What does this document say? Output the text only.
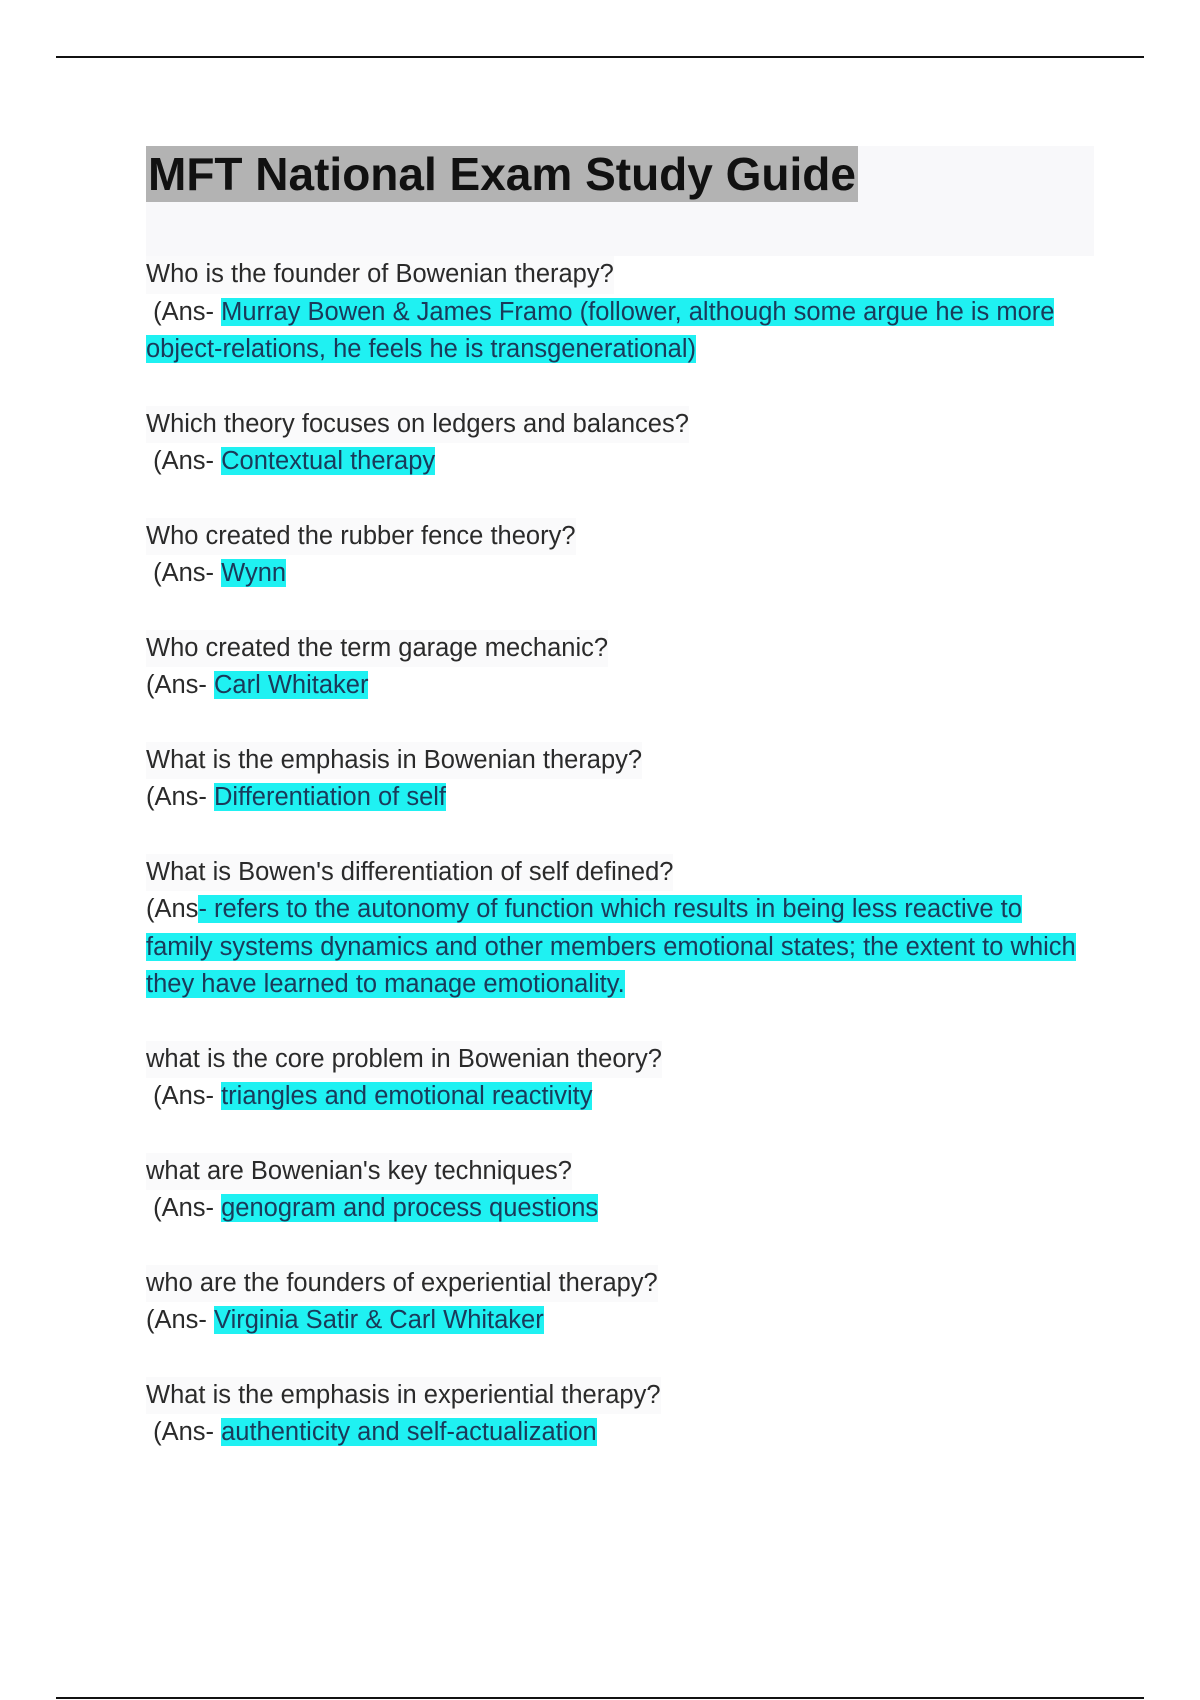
MFT National Exam Study Guide

Who is the founder of Bowenian therapy?

(Ans- Murray Bowen & James Framo (follower, although some argue he is more object-relations, he feels he is transgenerational)

Which theory focuses on ledgers and balances?

(Ans- Contextual therapy

Who created the rubber fence theory?

(Ans- Wynn

Who created the term garage mechanic?

(Ans- Carl Whitaker

What is the emphasis in Bowenian therapy?

(Ans- Differentiation of self

What is Bowen's differentiation of self defined?

(Ans- refers to the autonomy of function which results in being less reactive to family systems dynamics and other members emotional states; the extent to which they have learned to manage emotionality.

what is the core problem in Bowenian theory?

(Ans- triangles and emotional reactivity

what are Bowenian's key techniques?

(Ans- genogram and process questions

who are the founders of experiential therapy?

(Ans- Virginia Satir & Carl Whitaker

What is the emphasis in experiential therapy?

(Ans- authenticity and self-actualization
